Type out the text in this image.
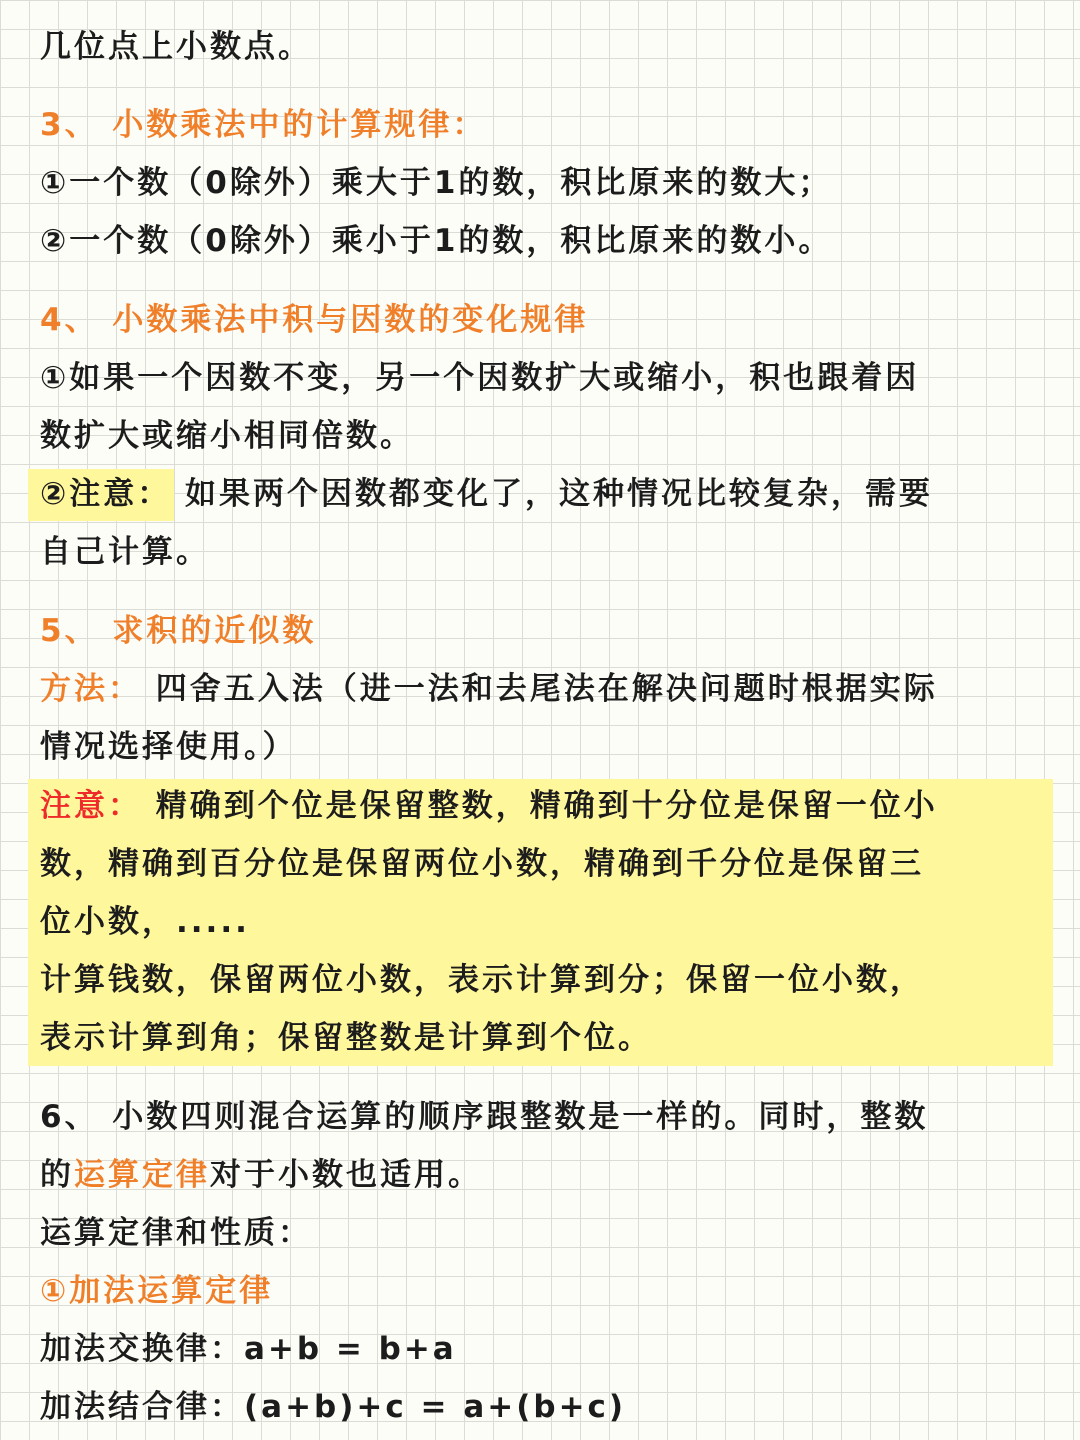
几位点上小数点。
3、 小数乘法中的计算规律：
①一个数（0除外）乘大于1的数，积比原来的数大；
②一个数（0除外）乘小于1的数，积比原来的数小。
4、 小数乘法中积与因数的变化规律
①如果一个因数不变，另一个因数扩大或缩小，积也跟着因
数扩大或缩小相同倍数。
②注意： 如果两个因数都变化了，这种情况比较复杂，需要
自己计算。
5、 求积的近似数
方法： 四舍五入法（进一法和去尾法在解决问题时根据实际
情况选择使用。）
注意： 精确到个位是保留整数，精确到十分位是保留一位小
数，精确到百分位是保留两位小数，精确到千分位是保留三
位小数，.....
计算钱数，保留两位小数，表示计算到分；保留一位小数，
表示计算到角；保留整数是计算到个位。
6、 小数四则混合运算的顺序跟整数是一样的。同时，整数
的运算定律对于小数也适用。
运算定律和性质：
①加法运算定律
加法交换律：a+b = b+a
加法结合律：(a+b)+c = a+(b+c)
